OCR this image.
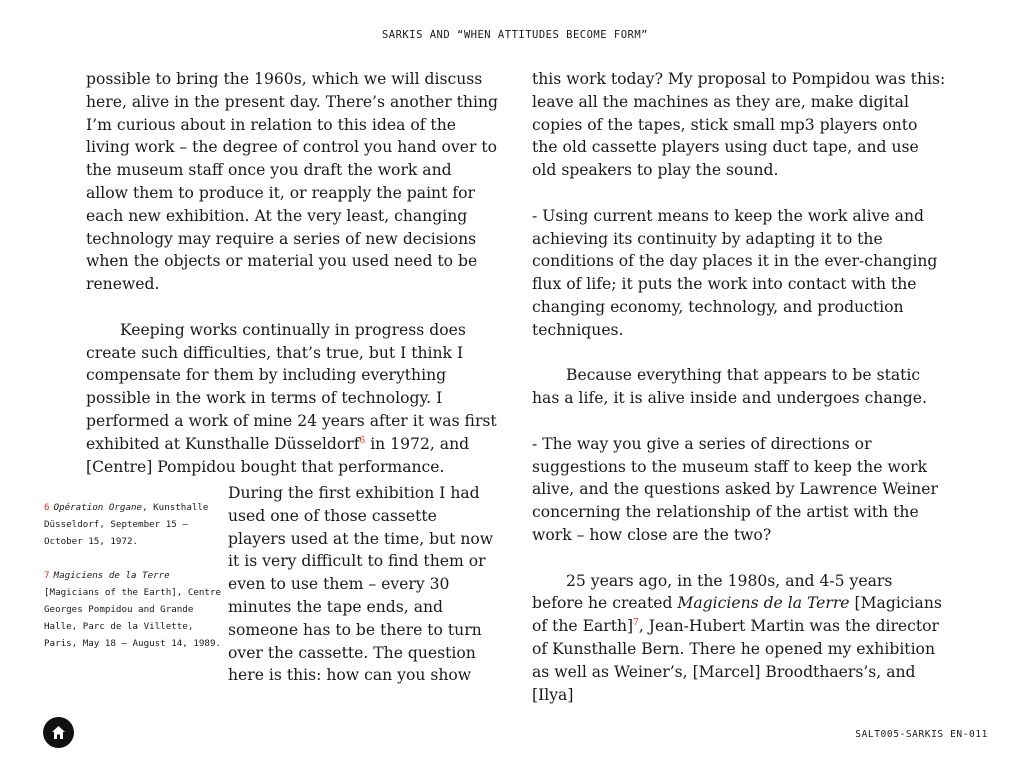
SARKIS AND “WHEN ATTITUDES BECOME FORM”

possible to bring the 1960s, which we will discuss here, alive in the present day. There’s another thing I’m curious about in relation to this idea of the living work – the degree of control you hand over to the museum staff once you draft the work and allow them to produce it, or reapply the paint for each new exhibition. At the very least, changing technology may require a series of new decisions when the objects or material you used need to be renewed.

Keeping works continually in progress does create such difficulties, that’s true, but I think I compensate for them by including everything possible in the work in terms of technology. I performed a work of mine 24 years after it was first exhibited at Kunsthalle Düsseldorf$^6$ in 1972, and [Centre] Pompidou bought that performance.

During the first exhibition I had used one of those cassette players used at the time, but now it is very difficult to find them or even to use them – every 30 minutes the tape ends, and someone has to be there to turn over the cassette. The question here is this: how can you show

6 Opération Organe, Kunsthalle Düsseldorf, September 15 – October 15, 1972.

7 Magiciens de la Terre [Magicians of the Earth], Centre Georges Pompidou and Grande Halle, Parc de la Villette, Paris, May 18 – August 14, 1989.

this work today? My proposal to Pompidou was this: leave all the machines as they are, make digital copies of the tapes, stick small mp3 players onto the old cassette players using duct tape, and use old speakers to play the sound.

- Using current means to keep the work alive and achieving its continuity by adapting it to the conditions of the day places it in the ever-changing flux of life; it puts the work into contact with the changing economy, technology, and production techniques.

Because everything that appears to be static has a life, it is alive inside and undergoes change.

- The way you give a series of directions or suggestions to the museum staff to keep the work alive, and the questions asked by Lawrence Weiner concerning the relationship of the artist with the work – how close are the two?

25 years ago, in the 1980s, and 4-5 years before he created Magiciens de la Terre [Magicians of the Earth]$^7$, Jean-Hubert Martin was the director of Kunsthalle Bern. There he opened my exhibition as well as Weiner’s, [Marcel] Broodthaers’s, and [Ilya]

SALT005-SARKIS EN-011
